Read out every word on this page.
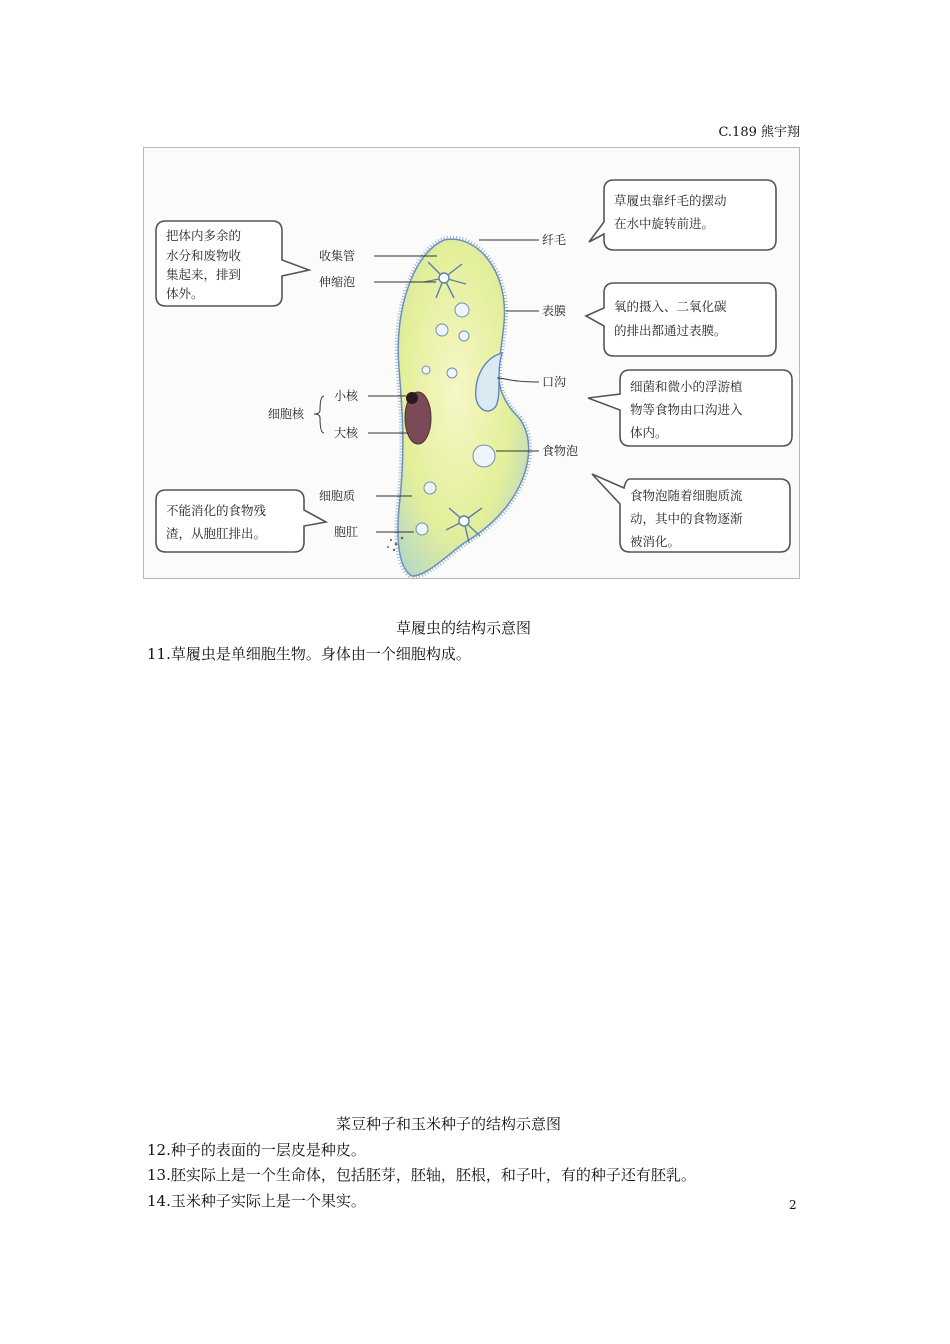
C.189 熊宇翔
收集管
伸缩泡
细胞核
小核
大核
细胞质
胞肛
纤毛
表膜
口沟
食物泡
把体内多余的
水分和废物收
集起来，排到
体外。
不能消化的食物残
渣，从胞肛排出。
草履虫靠纤毛的摆动
在水中旋转前进。
氧的摄入、二氧化碳
的排出都通过表膜。
细菌和微小的浮游植
物等食物由口沟进入
体内。
食物泡随着细胞质流
动，其中的食物逐渐
被消化。
草履虫的结构示意图
11.草履虫是单细胞生物。身体由一个细胞构成。
菜豆种子和玉米种子的结构示意图
12.种子的表面的一层皮是种皮。
13.胚实际上是一个生命体，包括胚芽，胚轴，胚根，和子叶，有的种子还有胚乳。
14.玉米种子实际上是一个果实。	2
